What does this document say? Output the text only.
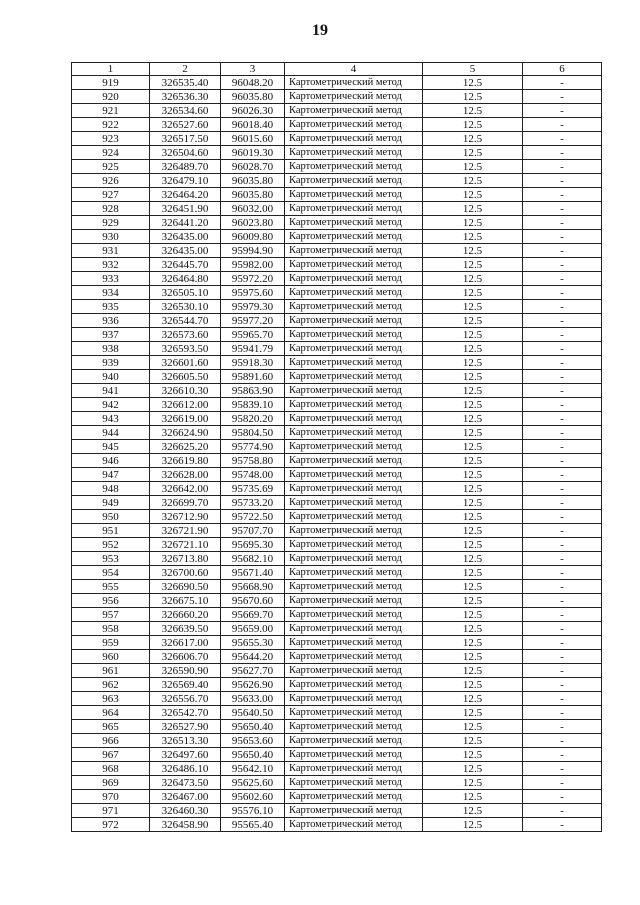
19
1	2	3	4	5	6
919	326535.40	96048.20	Картометрический метод	12.5	-
920	326536.30	96035.80	Картометрический метод	12.5	-
921	326534.60	96026.30	Картометрический метод	12.5	-
922	326527.60	96018.40	Картометрический метод	12.5	-
923	326517.50	96015.60	Картометрический метод	12.5	-
924	326504.60	96019.30	Картометрический метод	12.5	-
925	326489.70	96028.70	Картометрический метод	12.5	-
926	326479.10	96035.80	Картометрический метод	12.5	-
927	326464.20	96035.80	Картометрический метод	12.5	-
928	326451.90	96032.00	Картометрический метод	12.5	-
929	326441.20	96023.80	Картометрический метод	12.5	-
930	326435.00	96009.80	Картометрический метод	12.5	-
931	326435.00	95994.90	Картометрический метод	12.5	-
932	326445.70	95982.00	Картометрический метод	12.5	-
933	326464.80	95972.20	Картометрический метод	12.5	-
934	326505.10	95975.60	Картометрический метод	12.5	-
935	326530.10	95979.30	Картометрический метод	12.5	-
936	326544.70	95977.20	Картометрический метод	12.5	-
937	326573.60	95965.70	Картометрический метод	12.5	-
938	326593.50	95941.79	Картометрический метод	12.5	-
939	326601.60	95918.30	Картометрический метод	12.5	-
940	326605.50	95891.60	Картометрический метод	12.5	-
941	326610.30	95863.90	Картометрический метод	12.5	-
942	326612.00	95839.10	Картометрический метод	12.5	-
943	326619.00	95820.20	Картометрический метод	12.5	-
944	326624.90	95804.50	Картометрический метод	12.5	-
945	326625.20	95774.90	Картометрический метод	12.5	-
946	326619.80	95758.80	Картометрический метод	12.5	-
947	326628.00	95748.00	Картометрический метод	12.5	-
948	326642.00	95735.69	Картометрический метод	12.5	-
949	326699.70	95733.20	Картометрический метод	12.5	-
950	326712.90	95722.50	Картометрический метод	12.5	-
951	326721.90	95707.70	Картометрический метод	12.5	-
952	326721.10	95695.30	Картометрический метод	12.5	-
953	326713.80	95682.10	Картометрический метод	12.5	-
954	326700.60	95671.40	Картометрический метод	12.5	-
955	326690.50	95668.90	Картометрический метод	12.5	-
956	326675.10	95670.60	Картометрический метод	12.5	-
957	326660.20	95669.70	Картометрический метод	12.5	-
958	326639.50	95659.00	Картометрический метод	12.5	-
959	326617.00	95655.30	Картометрический метод	12.5	-
960	326606.70	95644.20	Картометрический метод	12.5	-
961	326590.90	95627.70	Картометрический метод	12.5	-
962	326569.40	95626.90	Картометрический метод	12.5	-
963	326556.70	95633.00	Картометрический метод	12.5	-
964	326542.70	95640.50	Картометрический метод	12.5	-
965	326527.90	95650.40	Картометрический метод	12.5	-
966	326513.30	95653.60	Картометрический метод	12.5	-
967	326497.60	95650.40	Картометрический метод	12.5	-
968	326486.10	95642.10	Картометрический метод	12.5	-
969	326473.50	95625.60	Картометрический метод	12.5	-
970	326467.00	95602.60	Картометрический метод	12.5	-
971	326460.30	95576.10	Картометрический метод	12.5	-
972	326458.90	95565.40	Картометрический метод	12.5	-
